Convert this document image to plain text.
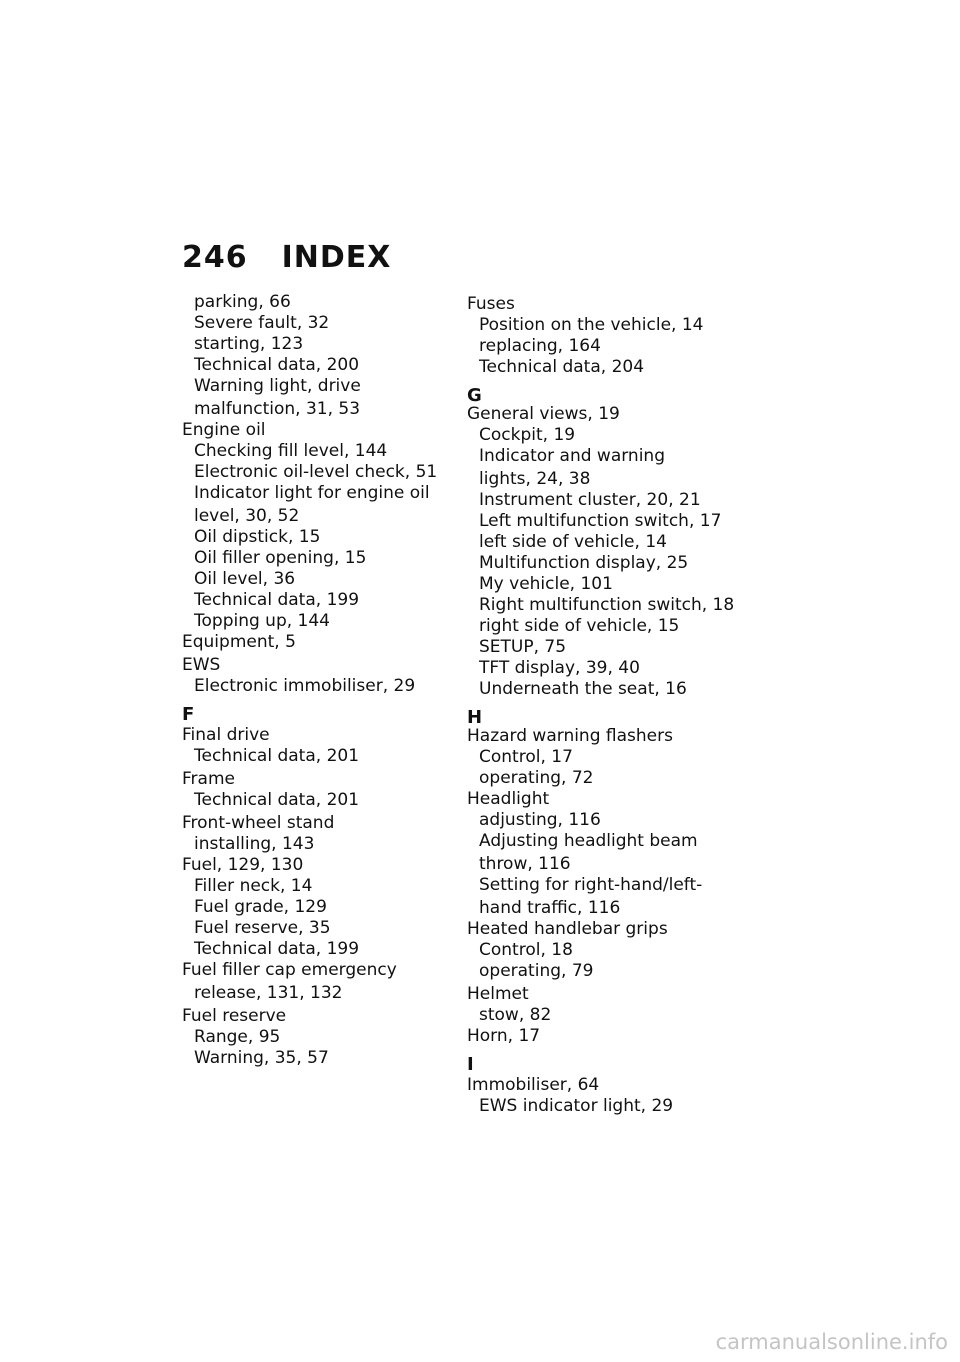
246 INDEX
parking, 66
Severe fault, 32
starting, 123
Technical data, 200
Warning light, drive
malfunction, 31, 53
Engine oil
Checking fill level, 144
Electronic oil-level check, 51
Indicator light for engine oil
level, 30, 52
Oil dipstick, 15
Oil filler opening, 15
Oil level, 36
Technical data, 199
Topping up, 144
Equipment, 5
EWS
Electronic immobiliser, 29
F
Final drive
Technical data, 201
Frame
Technical data, 201
Front-wheel stand
installing, 143
Fuel, 129, 130
Filler neck, 14
Fuel grade, 129
Fuel reserve, 35
Technical data, 199
Fuel filler cap emergency
release, 131, 132
Fuel reserve
Range, 95
Warning, 35, 57
Fuses
Position on the vehicle, 14
replacing, 164
Technical data, 204
G
General views, 19
Cockpit, 19
Indicator and warning
lights, 24, 38
Instrument cluster, 20, 21
Left multifunction switch, 17
left side of vehicle, 14
Multifunction display, 25
My vehicle, 101
Right multifunction switch, 18
right side of vehicle, 15
SETUP, 75
TFT display, 39, 40
Underneath the seat, 16
H
Hazard warning flashers
Control, 17
operating, 72
Headlight
adjusting, 116
Adjusting headlight beam
throw, 116
Setting for right-hand/left-
hand traffic, 116
Heated handlebar grips
Control, 18
operating, 79
Helmet
stow, 82
Horn, 17
I
Immobiliser, 64
EWS indicator light, 29
carmanualsonline.info
